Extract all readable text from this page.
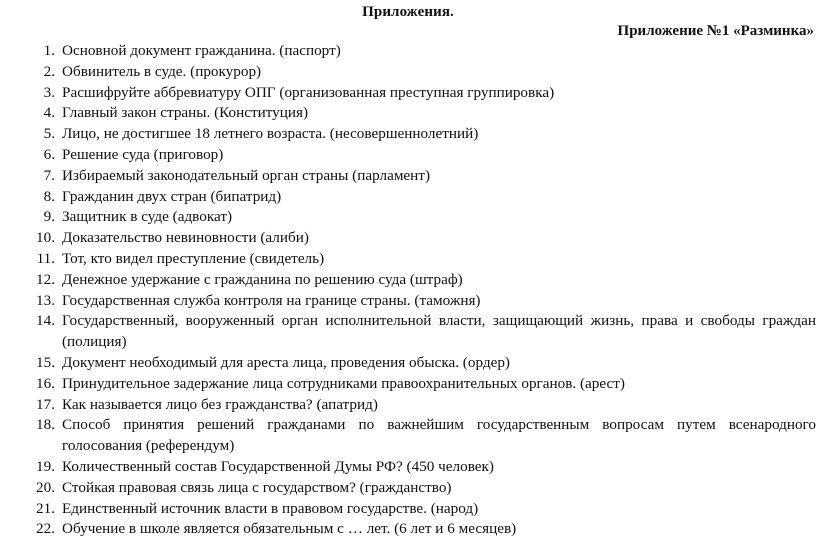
Приложения.
Приложение №1 «Разминка»
1. Основной документ гражданина. (паспорт)
2. Обвинитель в суде. (прокурор)
3. Расшифруйте аббревиатуру ОПГ (организованная преступная группировка)
4. Главный закон страны. (Конституция)
5. Лицо, не достигшее 18 летнего возраста. (несовершеннолетний)
6. Решение суда (приговор)
7. Избираемый законодательный орган страны (парламент)
8. Гражданин двух стран (бипатрид)
9. Защитник в суде (адвокат)
10. Доказательство невиновности (алиби)
11. Тот, кто видел преступление (свидетель)
12. Денежное удержание с гражданина по решению суда (штраф)
13. Государственная служба контроля на границе страны. (таможня)
14. Государственный, вооруженный орган исполнительной власти, защищающий жизнь, права и свободы граждан (полиция)
15. Документ необходимый для ареста лица, проведения обыска. (ордер)
16. Принудительное задержание лица сотрудниками правоохранительных органов. (арест)
17. Как называется лицо без гражданства? (апатрид)
18. Способ принятия решений гражданами по важнейшим государственным вопросам путем всенародного голосования (референдум)
19. Количественный состав Государственной Думы РФ? (450 человек)
20. Стойкая правовая связь лица с государством? (гражданство)
21. Единственный источник власти в правовом государстве. (народ)
22. Обучение в школе является обязательным с … лет. (6 лет и 6 месяцев)
